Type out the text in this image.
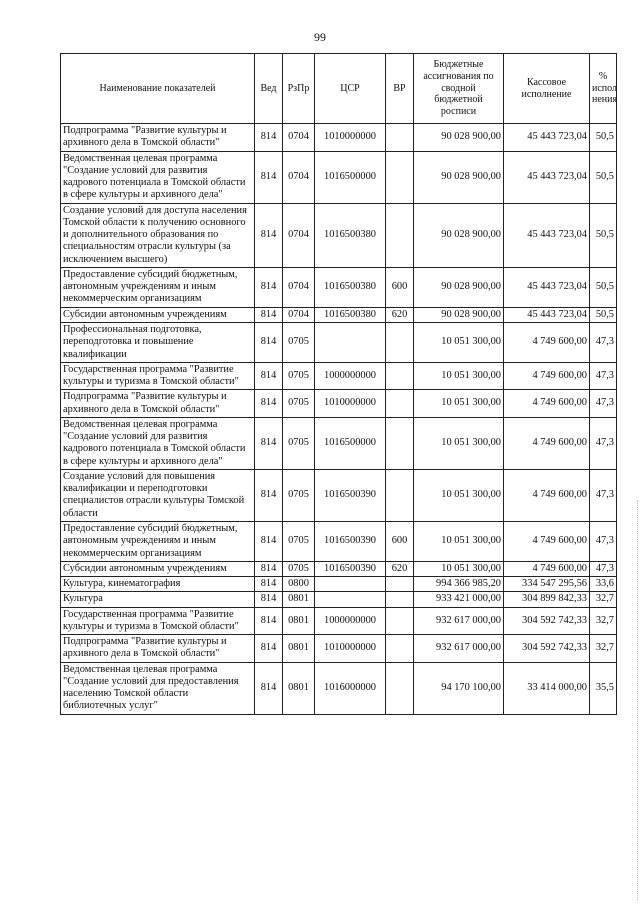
99
Наименование показателей	Вед	РзПр	ЦСР	ВР	Бюджетные ассигнования по сводной бюджетной росписи	Кассовое исполнение	% испол нения
Подпрограмма "Развитие культуры и архивного дела в Томской области"	814	0704	1010000000		90 028 900,00	45 443 723,04	50,5
Ведомственная целевая программа "Создание условий для развития кадрового потенциала в Томской области в сфере культуры и архивного дела"	814	0704	1016500000		90 028 900,00	45 443 723,04	50,5
Создание условий для доступа населения Томской области к получению основного и дополнительного образования по специальностям отрасли культуры (за исключением высшего)	814	0704	1016500380		90 028 900,00	45 443 723,04	50,5
Предоставление субсидий бюджетным, автономным учреждениям и иным некоммерческим организациям	814	0704	1016500380	600	90 028 900,00	45 443 723,04	50,5
Субсидии автономным учреждениям	814	0704	1016500380	620	90 028 900,00	45 443 723,04	50,5
Профессиональная подготовка, переподготовка и повышение квалификации	814	0705			10 051 300,00	4 749 600,00	47,3
Государственная программа "Развитие культуры и туризма в Томской области"	814	0705	1000000000		10 051 300,00	4 749 600,00	47,3
Подпрограмма "Развитие культуры и архивного дела в Томской области"	814	0705	1010000000		10 051 300,00	4 749 600,00	47,3
Ведомственная целевая программа "Создание условий для развития кадрового потенциала в Томской области в сфере культуры и архивного дела"	814	0705	1016500000		10 051 300,00	4 749 600,00	47,3
Создание условий для повышения квалификации и переподготовки специалистов отрасли культуры Томской области	814	0705	1016500390		10 051 300,00	4 749 600,00	47,3
Предоставление субсидий бюджетным, автономным учреждениям и иным некоммерческим организациям	814	0705	1016500390	600	10 051 300,00	4 749 600,00	47,3
Субсидии автономным учреждениям	814	0705	1016500390	620	10 051 300,00	4 749 600,00	47,3
Культура, кинематография	814	0800			994 366 985,20	334 547 295,56	33,6
Культура	814	0801			933 421 000,00	304 899 842,33	32,7
Государственная программа "Развитие культуры и туризма в Томской области"	814	0801	1000000000		932 617 000,00	304 592 742,33	32,7
Подпрограмма "Развитие культуры и архивного дела в Томской области"	814	0801	1010000000		932 617 000,00	304 592 742,33	32,7
Ведомственная целевая программа "Создание условий для предоставления населению Томской области библиотечных услуг"	814	0801	1016000000		94 170 100,00	33 414 000,00	35,5
